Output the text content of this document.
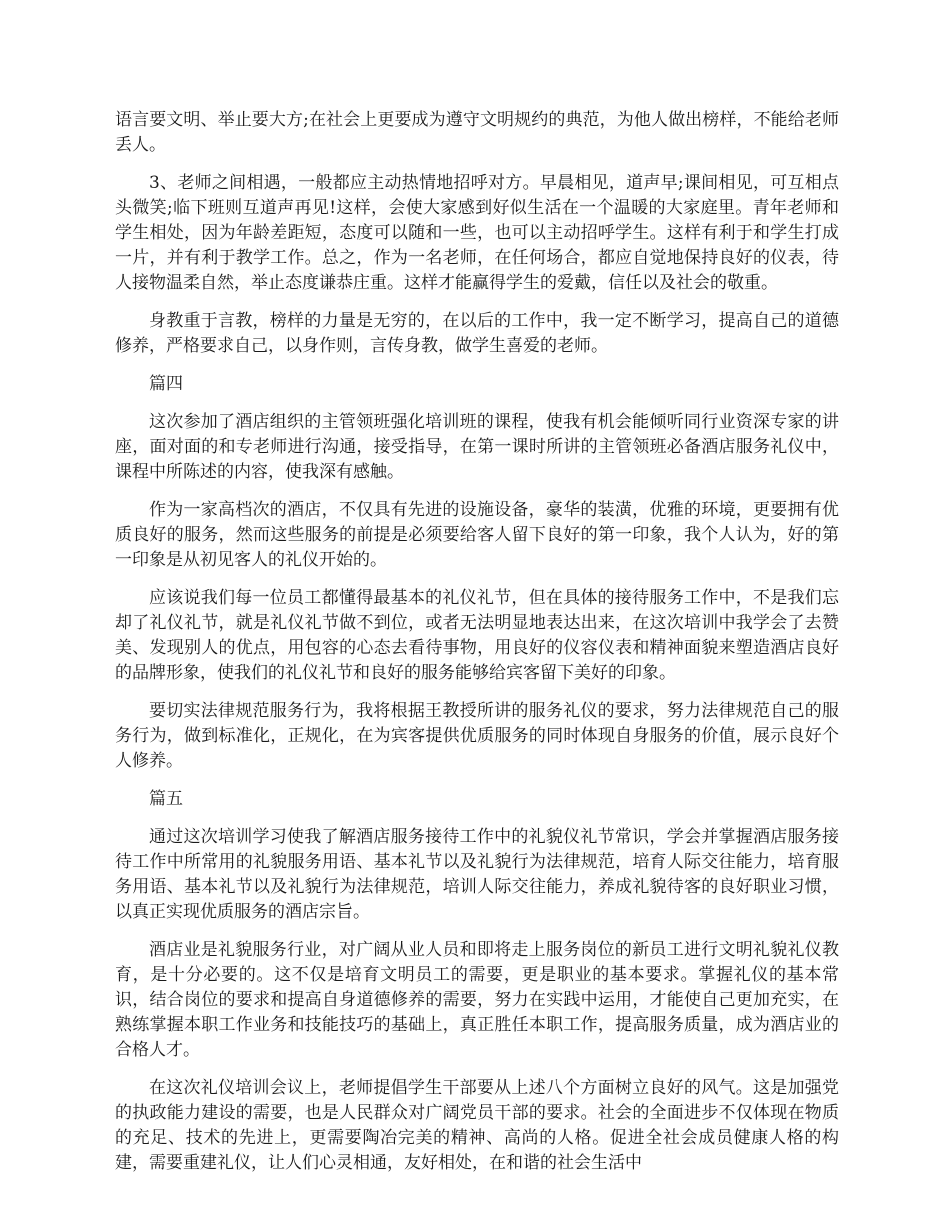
语言要文明、举止要大方;在社会上更要成为遵守文明规约的典范，为他人做出榜样，不能给老师丢人。

3、老师之间相遇，一般都应主动热情地招呼对方。早晨相见，道声早;课间相见，可互相点头微笑;临下班则互道声再见!这样，会使大家感到好似生活在一个温暖的大家庭里。青年老师和学生相处，因为年龄差距短，态度可以随和一些，也可以主动招呼学生。这样有利于和学生打成一片，并有利于教学工作。总之，作为一名老师，在任何场合，都应自觉地保持良好的仪表，待人接物温柔自然，举止态度谦恭庄重。这样才能赢得学生的爱戴，信任以及社会的敬重。

身教重于言教，榜样的力量是无穷的，在以后的工作中，我一定不断学习，提高自己的道德修养，严格要求自己，以身作则，言传身教，做学生喜爱的老师。

篇四

这次参加了酒店组织的主管领班强化培训班的课程，使我有机会能倾听同行业资深专家的讲座，面对面的和专老师进行沟通，接受指导，在第一课时所讲的主管领班必备酒店服务礼仪中，课程中所陈述的内容，使我深有感触。

作为一家高档次的酒店，不仅具有先进的设施设备，豪华的装潢，优雅的环境，更要拥有优质良好的服务，然而这些服务的前提是必须要给客人留下良好的第一印象，我个人认为，好的第一印象是从初见客人的礼仪开始的。

应该说我们每一位员工都懂得最基本的礼仪礼节，但在具体的接待服务工作中，不是我们忘却了礼仪礼节，就是礼仪礼节做不到位，或者无法明显地表达出来，在这次培训中我学会了去赞美、发现别人的优点，用包容的心态去看待事物，用良好的仪容仪表和精神面貌来塑造酒店良好的品牌形象，使我们的礼仪礼节和良好的服务能够给宾客留下美好的印象。

要切实法律规范服务行为，我将根据王教授所讲的服务礼仪的要求，努力法律规范自己的服务行为，做到标准化，正规化，在为宾客提供优质服务的同时体现自身服务的价值，展示良好个人修养。

篇五

通过这次培训学习使我了解酒店服务接待工作中的礼貌仪礼节常识，学会并掌握酒店服务接待工作中所常用的礼貌服务用语、基本礼节以及礼貌行为法律规范，培育人际交往能力，培育服务用语、基本礼节以及礼貌行为法律规范，培训人际交往能力，养成礼貌待客的良好职业习惯，以真正实现优质服务的酒店宗旨。

酒店业是礼貌服务行业，对广阔从业人员和即将走上服务岗位的新员工进行文明礼貌礼仪教育，是十分必要的。这不仅是培育文明员工的需要，更是职业的基本要求。掌握礼仪的基本常识，结合岗位的要求和提高自身道德修养的需要，努力在实践中运用，才能使自己更加充实，在熟练掌握本职工作业务和技能技巧的基础上，真正胜任本职工作，提高服务质量，成为酒店业的合格人才。

在这次礼仪培训会议上，老师提倡学生干部要从上述八个方面树立良好的风气。这是加强党的执政能力建设的需要，也是人民群众对广阔党员干部的要求。社会的全面进步不仅体现在物质的充足、技术的先进上，更需要陶冶完美的精神、高尚的人格。促进全社会成员健康人格的构建，需要重建礼仪，让人们心灵相通，友好相处，在和谐的社会生活中
